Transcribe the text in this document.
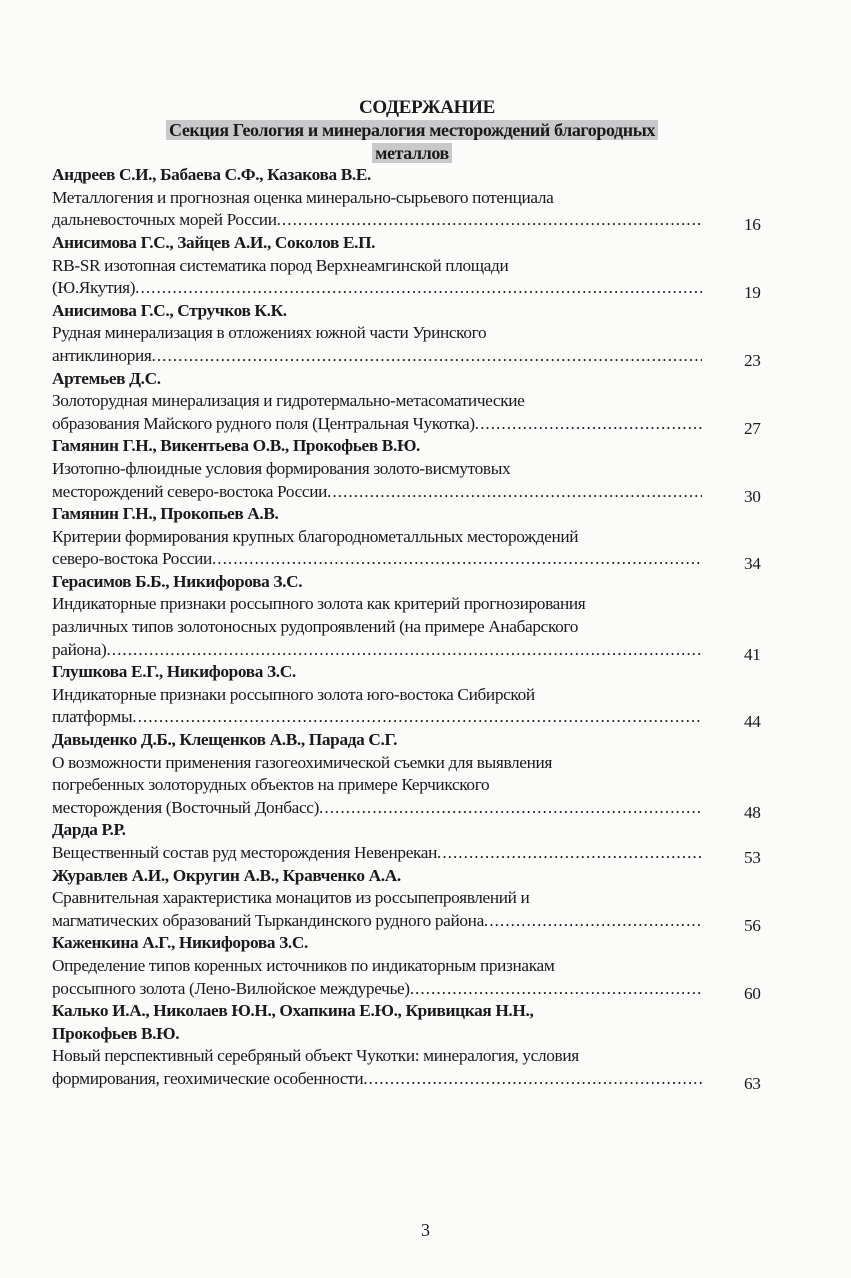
СОДЕРЖАНИЕ
Секция Геология и минералогия месторождений благородных
металлов
Андреев С.И., Бабаева С.Ф., Казакова В.Е.
Металлогения и прогнозная оценка минерально-сырьевого потенциала
дальневосточных морей России .....	16
Анисимова Г.С., Зайцев А.И., Соколов Е.П.
RB-SR изотопная систематика пород Верхнеамгинской площади
(Ю.Якутия) .....	19
Анисимова Г.С., Стручков К.К.
Рудная минерализация в отложениях южной части Уринского
антиклинория .....	23
Артемьев Д.С.
Золоторудная минерализация и гидротермально-метасоматические
образования Майского рудного поля (Центральная Чукотка) .....	27
Гамянин Г.Н., Викентьева О.В., Прокофьев В.Ю.
Изотопно-флюидные условия формирования золото-висмутовых
месторождений северо-востока России .....	30
Гамянин Г.Н., Прокопьев А.В.
Критерии формирования крупных благороднометалльных месторождений
северо-востока России .....	34
Герасимов Б.Б., Никифорова З.С.
Индикаторные признаки россыпного золота как критерий прогнозирования
различных типов золотоносных рудопроявлений (на примере Анабарского
района) .....	41
Глушкова Е.Г., Никифорова З.С.
Индикаторные признаки россыпного золота юго-востока Сибирской
платформы .....	44
Давыденко Д.Б., Клещенков А.В., Парада С.Г.
О возможности применения газогеохимической съемки для выявления
погребенных золоторудных объектов на примере Керчикского
месторождения (Восточный Донбасс) .....	48
Дарда Р.Р.
Вещественный состав руд месторождения Невенрекан .....	53
Журавлев А.И., Округин А.В., Кравченко А.А.
Сравнительная характеристика монацитов из россыпепроявлений и
магматических образований Тыркандинского рудного района .....	56
Каженкина А.Г., Никифорова З.С.
Определение типов коренных источников по индикаторным признакам
россыпного золота (Лено-Вилюйское междуречье) .....	60
Калько И.А., Николаев Ю.Н., Охапкина Е.Ю., Кривицкая Н.Н.,
Прокофьев В.Ю.
Новый перспективный серебряный объект Чукотки: минералогия, условия
формирования, геохимические особенности .....	63
3
